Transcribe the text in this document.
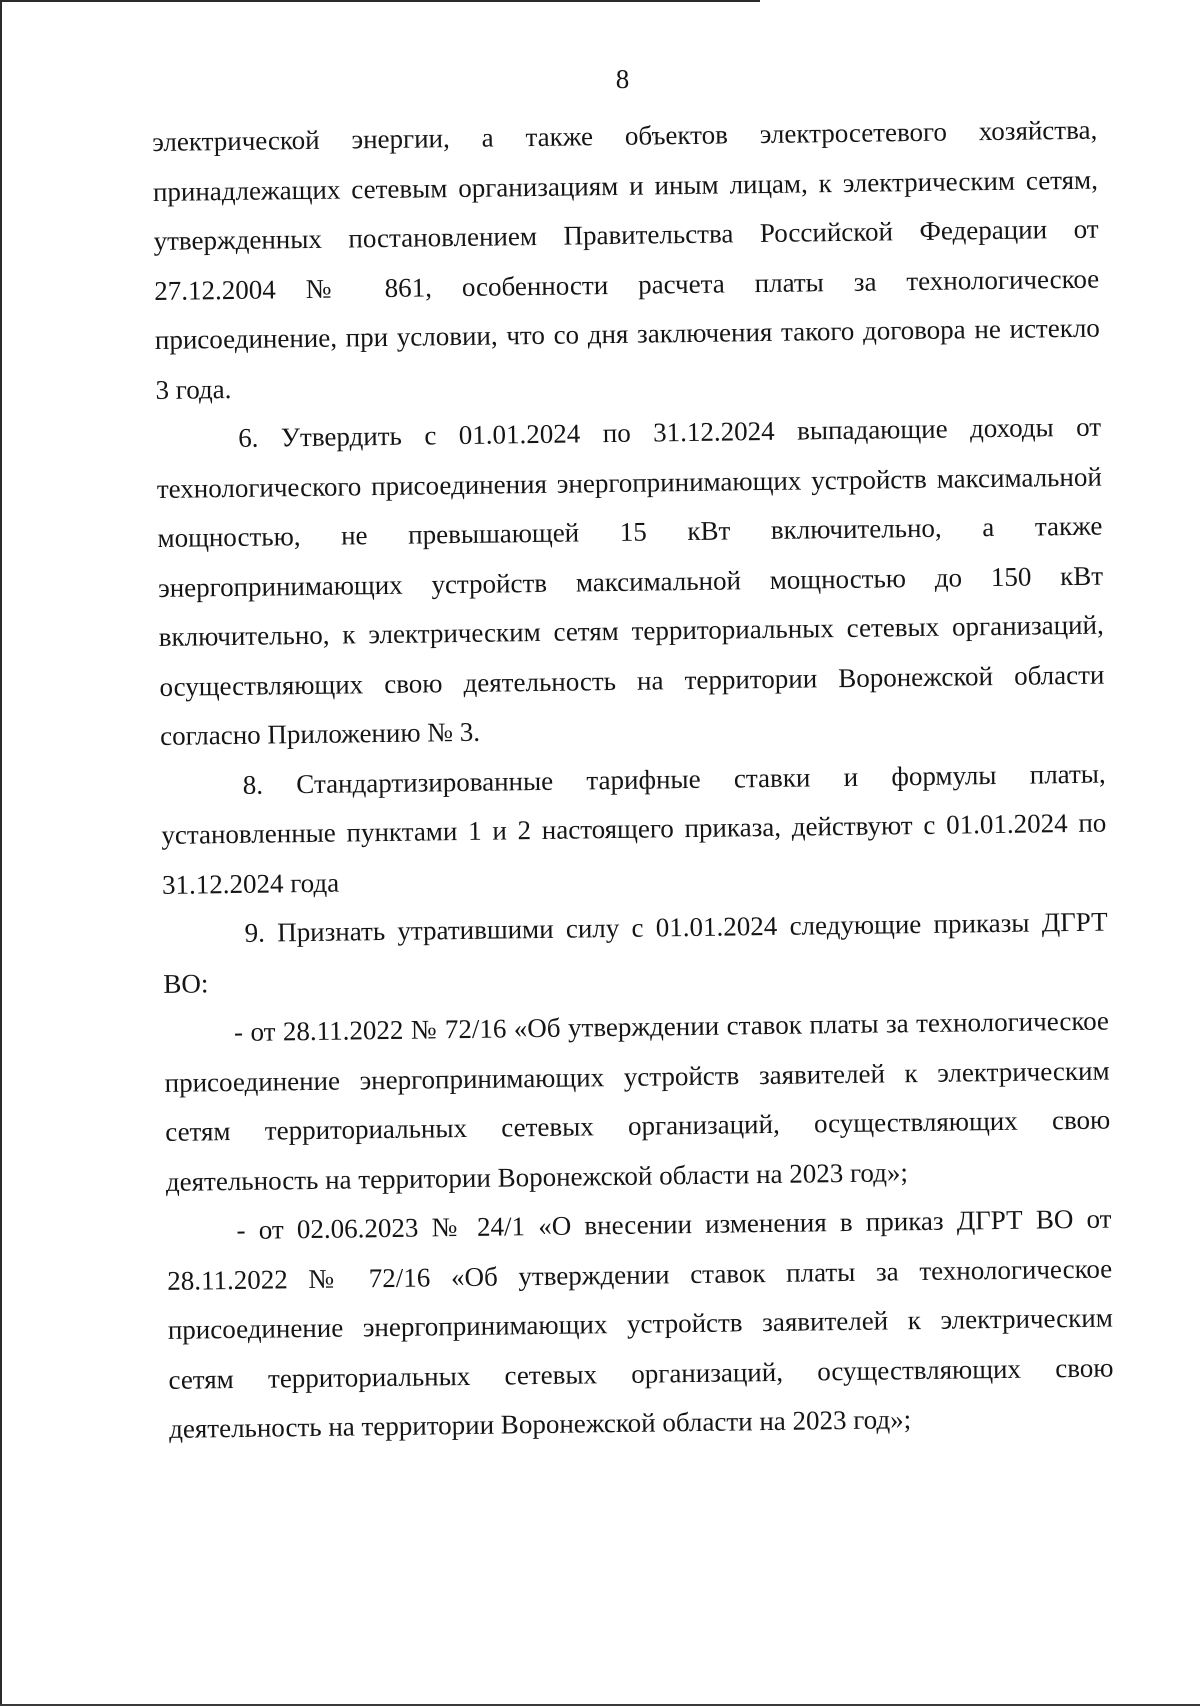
8

электрической энергии, а также объектов электросетевого хозяйства, принадлежащих сетевым организациям и иным лицам, к электрическим сетям, утвержденных постановлением Правительства Российской Федерации от 27.12.2004 № 861, особенности расчета платы за технологическое присоединение, при условии, что со дня заключения такого договора не истекло 3 года.

6. Утвердить с 01.01.2024 по 31.12.2024 выпадающие доходы от технологического присоединения энергопринимающих устройств максимальной мощностью, не превышающей 15 кВт включительно, а также энергопринимающих устройств максимальной мощностью до 150 кВт включительно, к электрическим сетям территориальных сетевых организаций, осуществляющих свою деятельность на территории Воронежской области согласно Приложению № 3.

8. Стандартизированные тарифные ставки и формулы платы, установленные пунктами 1 и 2 настоящего приказа, действуют с 01.01.2024 по 31.12.2024 года

9. Признать утратившими силу с 01.01.2024 следующие приказы ДГРТ ВО:

- от 28.11.2022 № 72/16 «Об утверждении ставок платы за технологическое присоединение энергопринимающих устройств заявителей к электрическим сетям территориальных сетевых организаций, осуществляющих свою деятельность на территории Воронежской области на 2023 год»;

- от 02.06.2023 № 24/1 «О внесении изменения в приказ ДГРТ ВО от 28.11.2022 № 72/16 «Об утверждении ставок платы за технологическое присоединение энергопринимающих устройств заявителей к электрическим сетям территориальных сетевых организаций, осуществляющих свою деятельность на территории Воронежской области на 2023 год»;
